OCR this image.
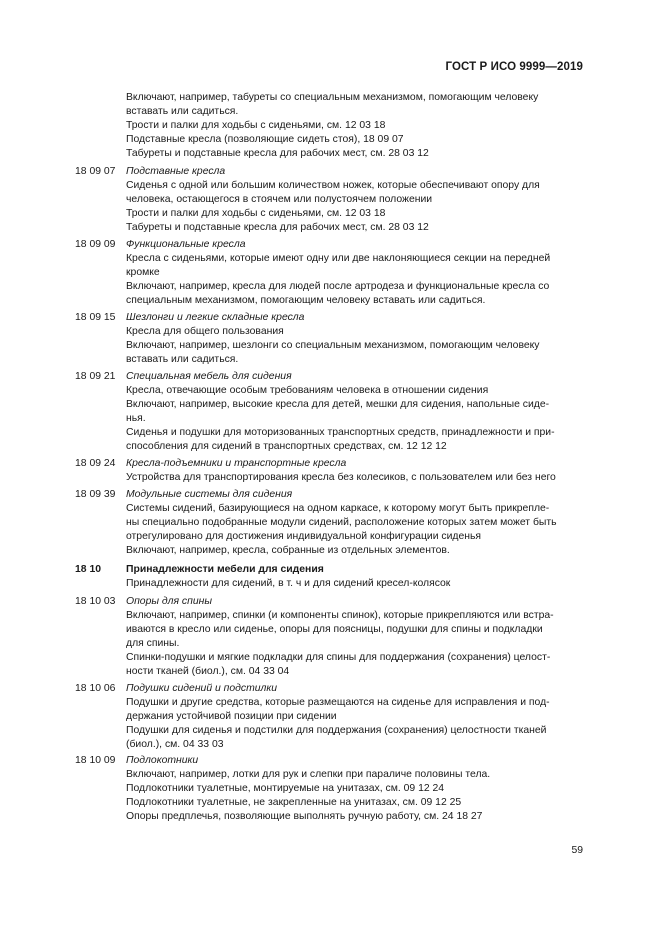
ГОСТ Р ИСО 9999—2019
Включают, например, табуреты со специальным механизмом, помогающим человеку
вставать или садиться.
Трости и палки для ходьбы с сиденьями, см. 12 03 18
Подставные кресла (позволяющие сидеть стоя), 18 09 07
Табуреты и подставные кресла для рабочих мест, см. 28 03 12
18 09 07 Подставные кресла
Сиденья с одной или большим количеством ножек, которые обеспечивают опору для
человека, остающегося в стоячем или полустоячем положении
Трости и палки для ходьбы с сиденьями, см. 12 03 18
Табуреты и подставные кресла для рабочих мест, см. 28 03 12
18 09 09 Функциональные кресла
Кресла с сиденьями, которые имеют одну или две наклоняющиеся секции на передней
кромке
Включают, например, кресла для людей после артродеза и функциональные кресла со
специальным механизмом, помогающим человеку вставать или садиться.
18 09 15 Шезлонги и легкие складные кресла
Кресла для общего пользования
Включают, например, шезлонги со специальным механизмом, помогающим человеку
вставать или садиться.
18 09 21 Специальная мебель для сидения
Кресла, отвечающие особым требованиям человека в отношении сидения
Включают, например, высокие кресла для детей, мешки для сидения, напольные сиде-
нья.
Сиденья и подушки для моторизованных транспортных средств, принадлежности и при-
способления для сидений в транспортных средствах, см. 12 12 12
18 09 24 Кресла-подъемники и транспортные кресла
Устройства для транспортирования кресла без колесиков, с пользователем или без него
18 09 39 Модульные системы для сидения
Системы сидений, базирующиеся на одном каркасе, к которому могут быть прикрепле-
ны специально подобранные модули сидений, расположение которых затем может быть
отрегулировано для достижения индивидуальной конфигурации сиденья
Включают, например, кресла, собранные из отдельных элементов.
18 10 Принадлежности мебели для сидения
Принадлежности для сидений, в т. ч и для сидений кресел-колясок
18 10 03 Опоры для спины
Включают, например, спинки (и компоненты спинок), которые прикрепляются или встра-
иваются в кресло или сиденье, опоры для поясницы, подушки для спины и подкладки
для спины.
Спинки-подушки и мягкие подкладки для спины для поддержания (сохранения) целост-
ности тканей (биол.), см. 04 33 04
18 10 06 Подушки сидений и подстилки
Подушки и другие средства, которые размещаются на сиденье для исправления и под-
держания устойчивой позиции при сидении
Подушки для сиденья и подстилки для поддержания (сохранения) целостности тканей
(биол.), см. 04 33 03
18 10 09 Подлокотники
Включают, например, лотки для рук и слепки при параличе половины тела.
Подлокотники туалетные, монтируемые на унитазах, см. 09 12 24
Подлокотники туалетные, не закрепленные на унитазах, см. 09 12 25
Опоры предплечья, позволяющие выполнять ручную работу, см. 24 18 27
59
